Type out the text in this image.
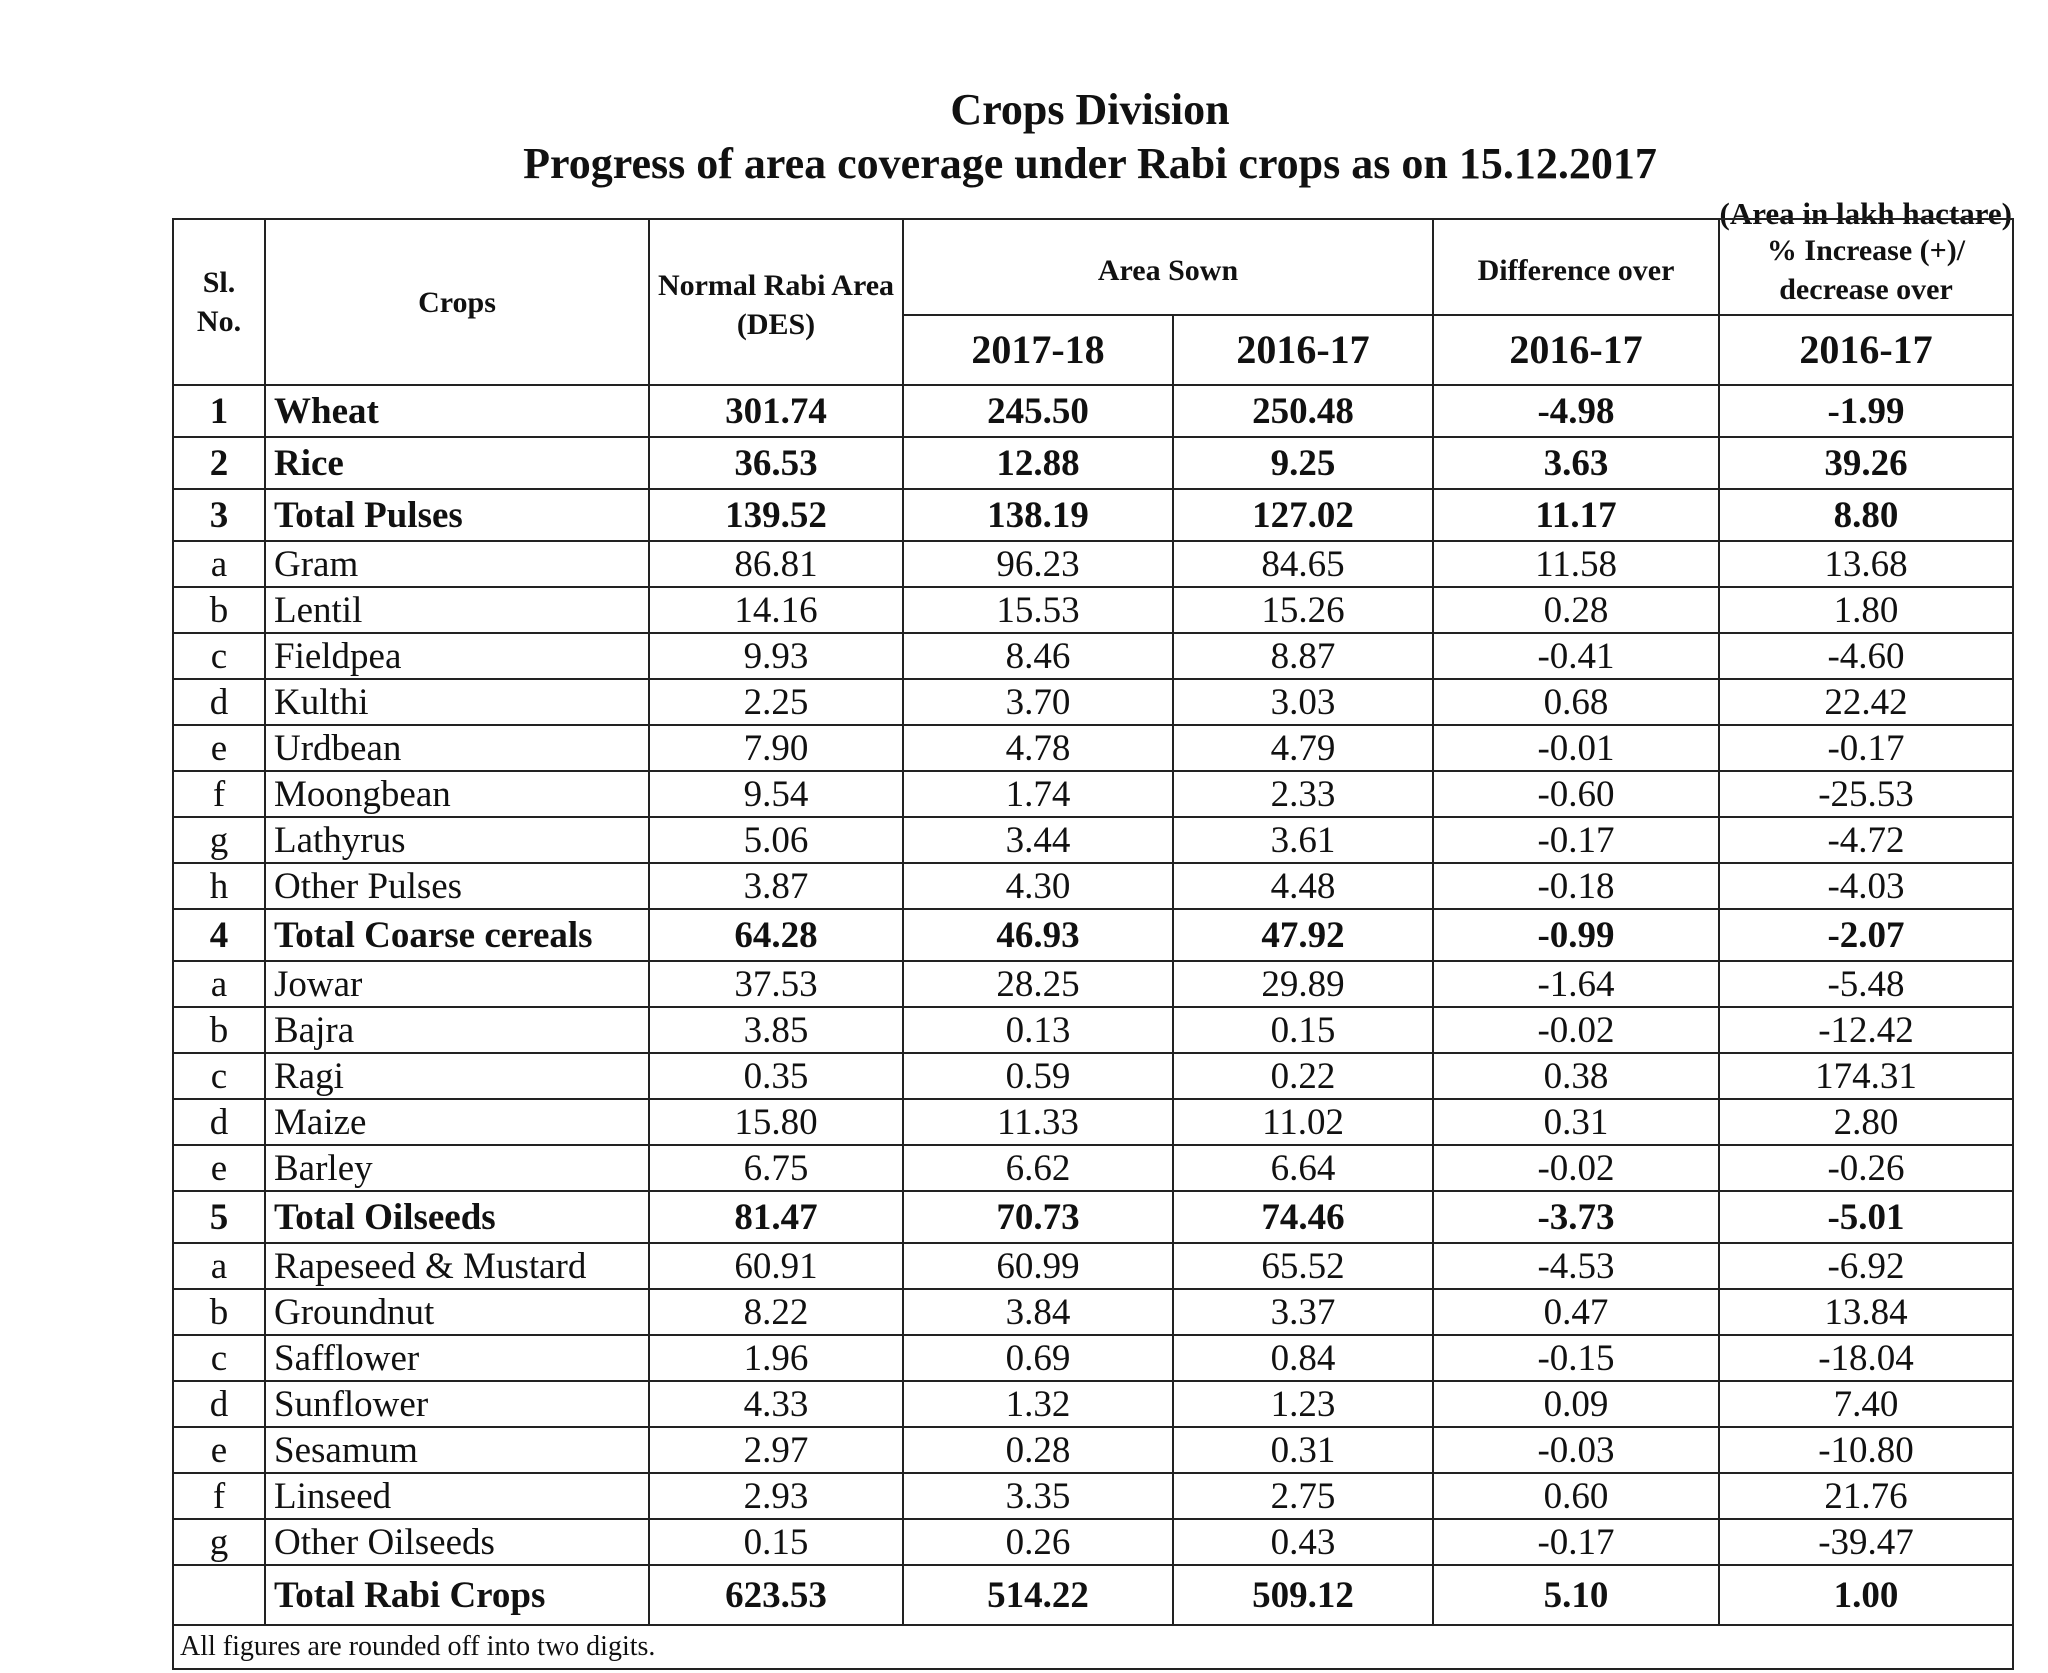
Crops Division
Progress of area coverage under Rabi crops as on 15.12.2017
(Area in lakh hactare)
Sl. No.	Crops	Normal Rabi Area (DES)	Area Sown		Difference over	% Increase (+)/ decrease over
			2017-18	2016-17	2016-17	2016-17
1	Wheat	301.74	245.50	250.48	-4.98	-1.99
2	Rice	36.53	12.88	9.25	3.63	39.26
3	Total Pulses	139.52	138.19	127.02	11.17	8.80
a	Gram	86.81	96.23	84.65	11.58	13.68
b	Lentil	14.16	15.53	15.26	0.28	1.80
c	Fieldpea	9.93	8.46	8.87	-0.41	-4.60
d	Kulthi	2.25	3.70	3.03	0.68	22.42
e	Urdbean	7.90	4.78	4.79	-0.01	-0.17
f	Moongbean	9.54	1.74	2.33	-0.60	-25.53
g	Lathyrus	5.06	3.44	3.61	-0.17	-4.72
h	Other Pulses	3.87	4.30	4.48	-0.18	-4.03
4	Total Coarse cereals	64.28	46.93	47.92	-0.99	-2.07
a	Jowar	37.53	28.25	29.89	-1.64	-5.48
b	Bajra	3.85	0.13	0.15	-0.02	-12.42
c	Ragi	0.35	0.59	0.22	0.38	174.31
d	Maize	15.80	11.33	11.02	0.31	2.80
e	Barley	6.75	6.62	6.64	-0.02	-0.26
5	Total Oilseeds	81.47	70.73	74.46	-3.73	-5.01
a	Rapeseed & Mustard	60.91	60.99	65.52	-4.53	-6.92
b	Groundnut	8.22	3.84	3.37	0.47	13.84
c	Safflower	1.96	0.69	0.84	-0.15	-18.04
d	Sunflower	4.33	1.32	1.23	0.09	7.40
e	Sesamum	2.97	0.28	0.31	-0.03	-10.80
f	Linseed	2.93	3.35	2.75	0.60	21.76
g	Other Oilseeds	0.15	0.26	0.43	-0.17	-39.47
	Total Rabi Crops	623.53	514.22	509.12	5.10	1.00
All figures are rounded off into two digits.						
